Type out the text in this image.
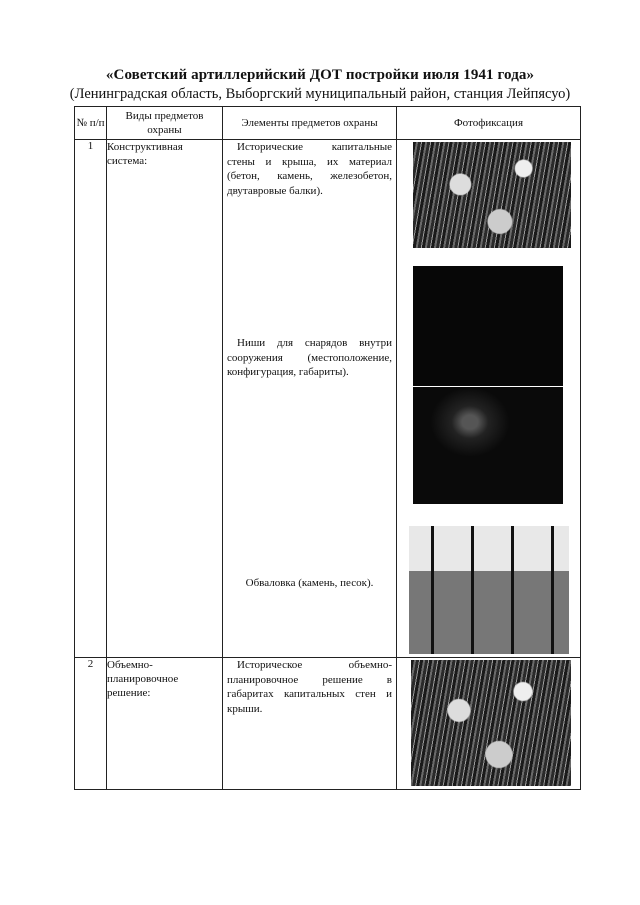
«Советский артиллерийский ДОТ постройки июля 1941 года»
(Ленинградская область, Выборгский муниципальный район, станция Лейпясуо)
№ п/п	Виды предметов охраны	Элементы предметов охраны	Фотофиксация
1	Конструктивная система:	Исторические капитальные стены и крыша, их материал (бетон, камень, железобетон, двутавровые балки).
Ниши для снарядов внутри сооружения (местоположение, конфигурация, габариты).
Обваловка (камень, песок).	

2	Объемно-планировочное решение:	Историческое объемно-планировочное решение в габаритах капитальных стен и крыши.	
